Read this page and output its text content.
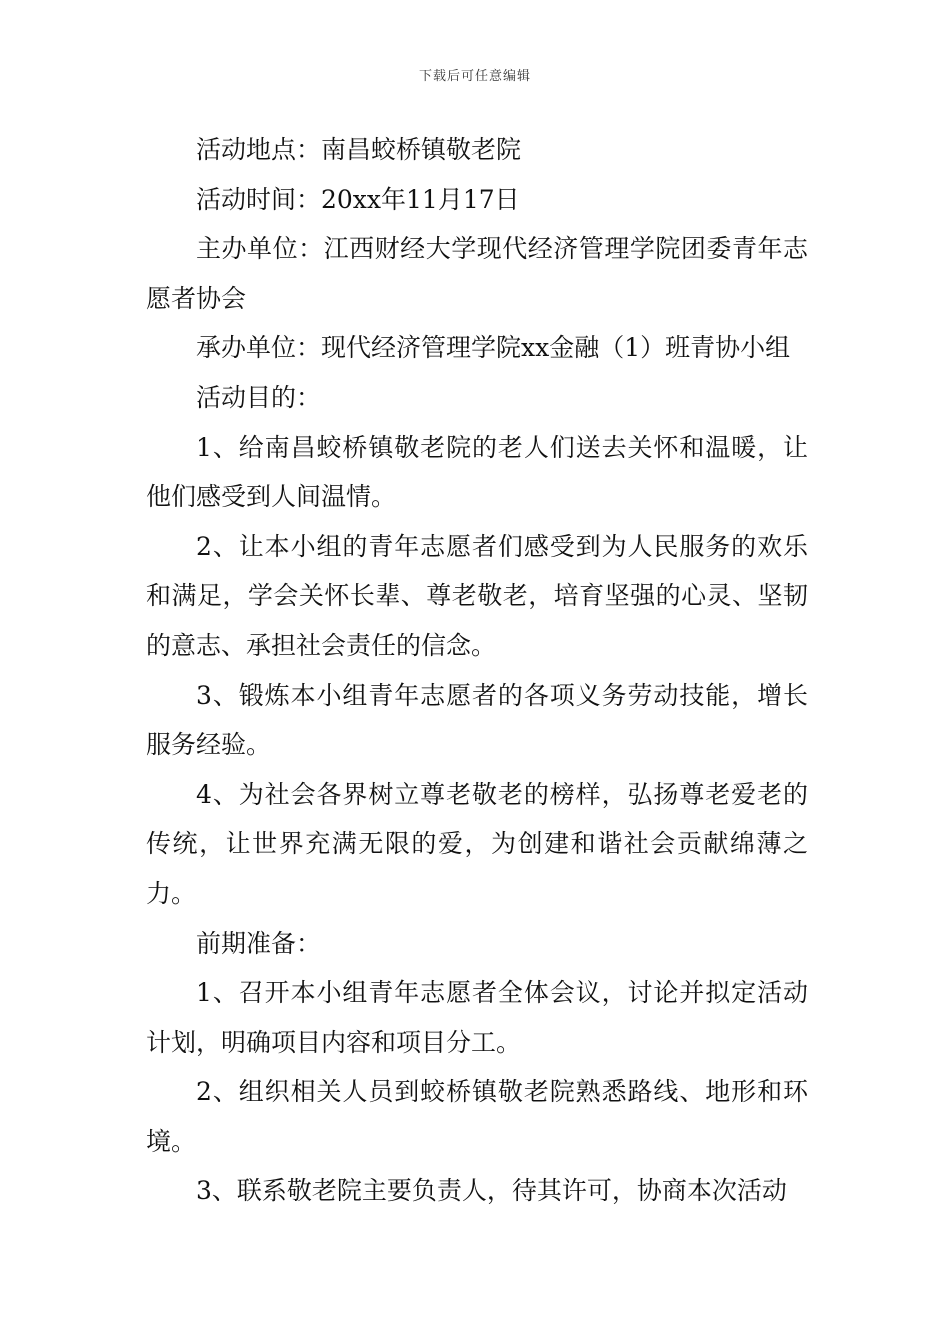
下载后可任意编辑

活动地点：南昌蛟桥镇敬老院

活动时间：20xx年11月17日

主办单位：江西财经大学现代经济管理学院团委青年志愿者协会

承办单位：现代经济管理学院xx金融（1）班青协小组

活动目的：

1、给南昌蛟桥镇敬老院的老人们送去关怀和温暖，让他们感受到人间温情。

2、让本小组的青年志愿者们感受到为人民服务的欢乐和满足，学会关怀长辈、尊老敬老，培育坚强的心灵、坚韧的意志、承担社会责任的信念。

3、锻炼本小组青年志愿者的各项义务劳动技能，增长服务经验。

4、为社会各界树立尊老敬老的榜样，弘扬尊老爱老的传统，让世界充满无限的爱，为创建和谐社会贡献绵薄之力。

前期准备：

1、召开本小组青年志愿者全体会议，讨论并拟定活动计划，明确项目内容和项目分工。

2、组织相关人员到蛟桥镇敬老院熟悉路线、地形和环境。

3、联系敬老院主要负责人，待其许可，协商本次活动
